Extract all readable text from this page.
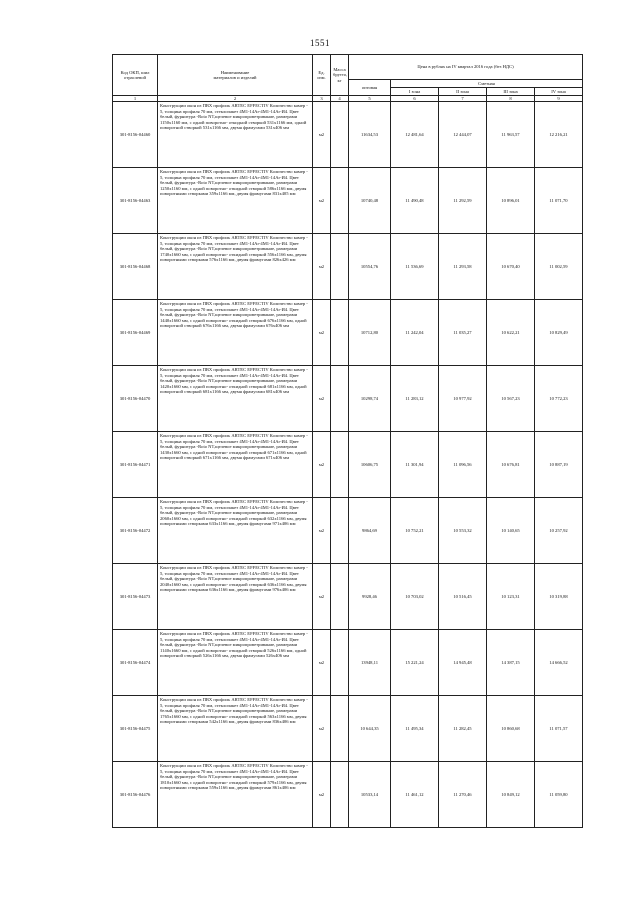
1551
Код ОКП, шил
отраслевой	Наименование
материалов и изделий	Ед.
изм.	Масса
брутто,
кг	Цена в рублях на IV квартал 2016 года (без НДС)				
				оптовая	Сметная			
					I зона	II зона	III зона	IV зона
1	2	3	4	5	6	7	8	9
301-8156-04460	Конструкции окон из ПВХ профиль ARTEC EFFECTIV Количество камер - 5, толщина профиля 70 мм, стеклопакет 4М1-14Ar-4М1-14Ar-И4. Цвет белый, фурнитура -Roto NT,щелевое микропроветривание, размерами 1150х1160 мм, с одной поворотно- откидной створкой 531х1166 мм, одной поворотной створкой 531х1166 мм, двумя фрамугами 531х406 мм	м2		11634,53	12 481,64	12 444,07	11 963,57	12 216,21
301-8156-04463	Конструкции окон из ПВХ профиль ARTEC EFFECTIV Количество камер - 5, толщина профиля 70 мм, стеклопакет 4М1-14Ar-4М1-14Ar-И4. Цвет белый, фурнитура -Roto NT,щелевое микропроветривание, размерами 1250х1160 мм, с одной поворотно- откидной створкой 586х1166 мм, двумя поворотными створками 359х1166 мм, двумя фрамугами 831х405 мм	м2		10740,48	11 490,48	11 292,59	10 896,01	11 071,70
301-8156-04468	Конструкции окон из ПВХ профиль ARTEC EFFECTIV Количество камер - 5, толщина профиля 70 мм, стеклопакет 4М1-14Ar-4М1-14Ar-И4. Цвет белый, фурнитура -Roto NT,щелевое микропроветривание, размерами 1740х1660 мм, с одной поворотно- откидной створкой 556х1166 мм, двумя поворотными створками 576х1166 мм, двумя фрамугами 826х426 мм	м2		10554,76	11 536,69	11 293,58	10 670,40	11 002,59
301-8156-04469	Конструкции окон из ПВХ профиль ARTEC EFFECTIV Количество камер - 5, толщина профиля 70 мм, стеклопакет 4М1-14Ar-4М1-14Ar-И4. Цвет белый, фурнитура -Roto NT,щелевое микропроветривание, размерами 1440х1660 мм, с одной поворотно- откидной створкой 676х1166 мм, одной поворотной створкой 676х1166 мм, двумя фрамугами 676х406 мм	м2		10712,80	11 242,04	11 035,27	10 622,21	10 829,49
301-8156-04470	Конструкции окон из ПВХ профиль ARTEC EFFECTIV Количество камер - 5, толщина профиля 70 мм, стеклопакет 4М1-14Ar-4М1-14Ar-И4. Цвет белый, фурнитура -Roto NT,щелевое микропроветривание, размерами 1420х1660 мм, с одной поворотно- откидной створкой 681х1166 мм, одной поворотной створкой 681х1166 мм, двумя фрамугами 681х406 мм	м2		10298,74	11 283,12	10 977,92	10 567,23	10 772,23
301-8156-04471	Конструкции окон из ПВХ профиль ARTEC EFFECTIV Количество камер - 5, толщина профиля 70 мм, стеклопакет 4М1-14Ar-4М1-14Ar-И4. Цвет белый, фурнитура -Roto NT,щелевое микропроветривание, размерами 1430х1660 мм, с одной поворотно- откидной створкой 671х1166 мм, одной поворотной створкой 671х1166 мм, двумя фрамугами 671х406 мм	м2		10606,75	11 301,94	11 096,56	10 676,81	10 887,19
301-8156-04472	Конструкции окон из ПВХ профиль ARTEC EFFECTIV Количество камер - 5, толщина профиля 70 мм, стеклопакет 4М1-14Ar-4М1-14Ar-И4. Цвет белый, фурнитура -Roto NT,щелевое микропроветривание, размерами 2060х1660 мм, с одной поворотно- откидной створкой 632х1166 мм, двумя поворотными створками 633х1166 мм, двумя фрамугами 971х406 мм	м2		9864,69	10 752,21	10 553,32	10 140,65	10 257,92
301-8156-04473	Конструкции окон из ПВХ профиль ARTEC EFFECTIV Количество камер - 5, толщина профиля 70 мм, стеклопакет 4М1-14Ar-4М1-14Ar-И4. Цвет белый, фурнитура -Roto NT,щелевое микропроветривание, размерами 2040х1660 мм, с одной поворотно- откидной створкой 636х1166 мм, двумя поворотными створками 636х1166 мм, двумя фрамугами 976х406 мм	м2		9928,46	10 703,02	10 516,45	10 123,31	10 319,88
301-8156-04474	Конструкции окон из ПВХ профиль ARTEC EFFECTIV Количество камер - 5, толщина профиля 70 мм, стеклопакет 4М1-14Ar-4М1-14Ar-И4. Цвет белый, фурнитура -Roto NT,щелевое микропроветривание, размерами 1140х1660 мм, с одной поворотно- откидной створкой 526х1166 мм, одной поворотной створкой 526х1166 мм, двумя фрамугами 526х406 мм	м2		13948,11	15 221,24	14 945,48	14 387,15	14 666,52
301-8156-04475	Конструкции окон из ПВХ профиль ARTEC EFFECTIV Количество камер - 5, толщина профиля 70 мм, стеклопакет 4М1-14Ar-4М1-14Ar-И4. Цвет белый, фурнитура -Roto NT,щелевое микропроветривание, размерами 1765х1660 мм, с одной поворотно- откидной створкой 563х1166 мм, двумя поворотными створками 542х1166 мм, двумя фрамугами 836х406 мм	м2		10 644,35	11 495,34	11 282,45	10 860,68	11 071,57
301-8156-04476	Конструкции окон из ПВХ профиль ARTEC EFFECTIV Количество камер - 5, толщина профиля 70 мм, стеклопакет 4М1-14Ar-4М1-14Ar-И4. Цвет белый, фурнитура -Roto NT,щелевое микропроветривание, размерами 1810х1660 мм, с одной поворотно- откидной створкой 579х1166 мм, двумя поворотными створками 559х1166 мм, двумя фрамугами 861х406 мм	м2		10533,14	11 461,12	11 270,46	10 849,12	11 059,80
